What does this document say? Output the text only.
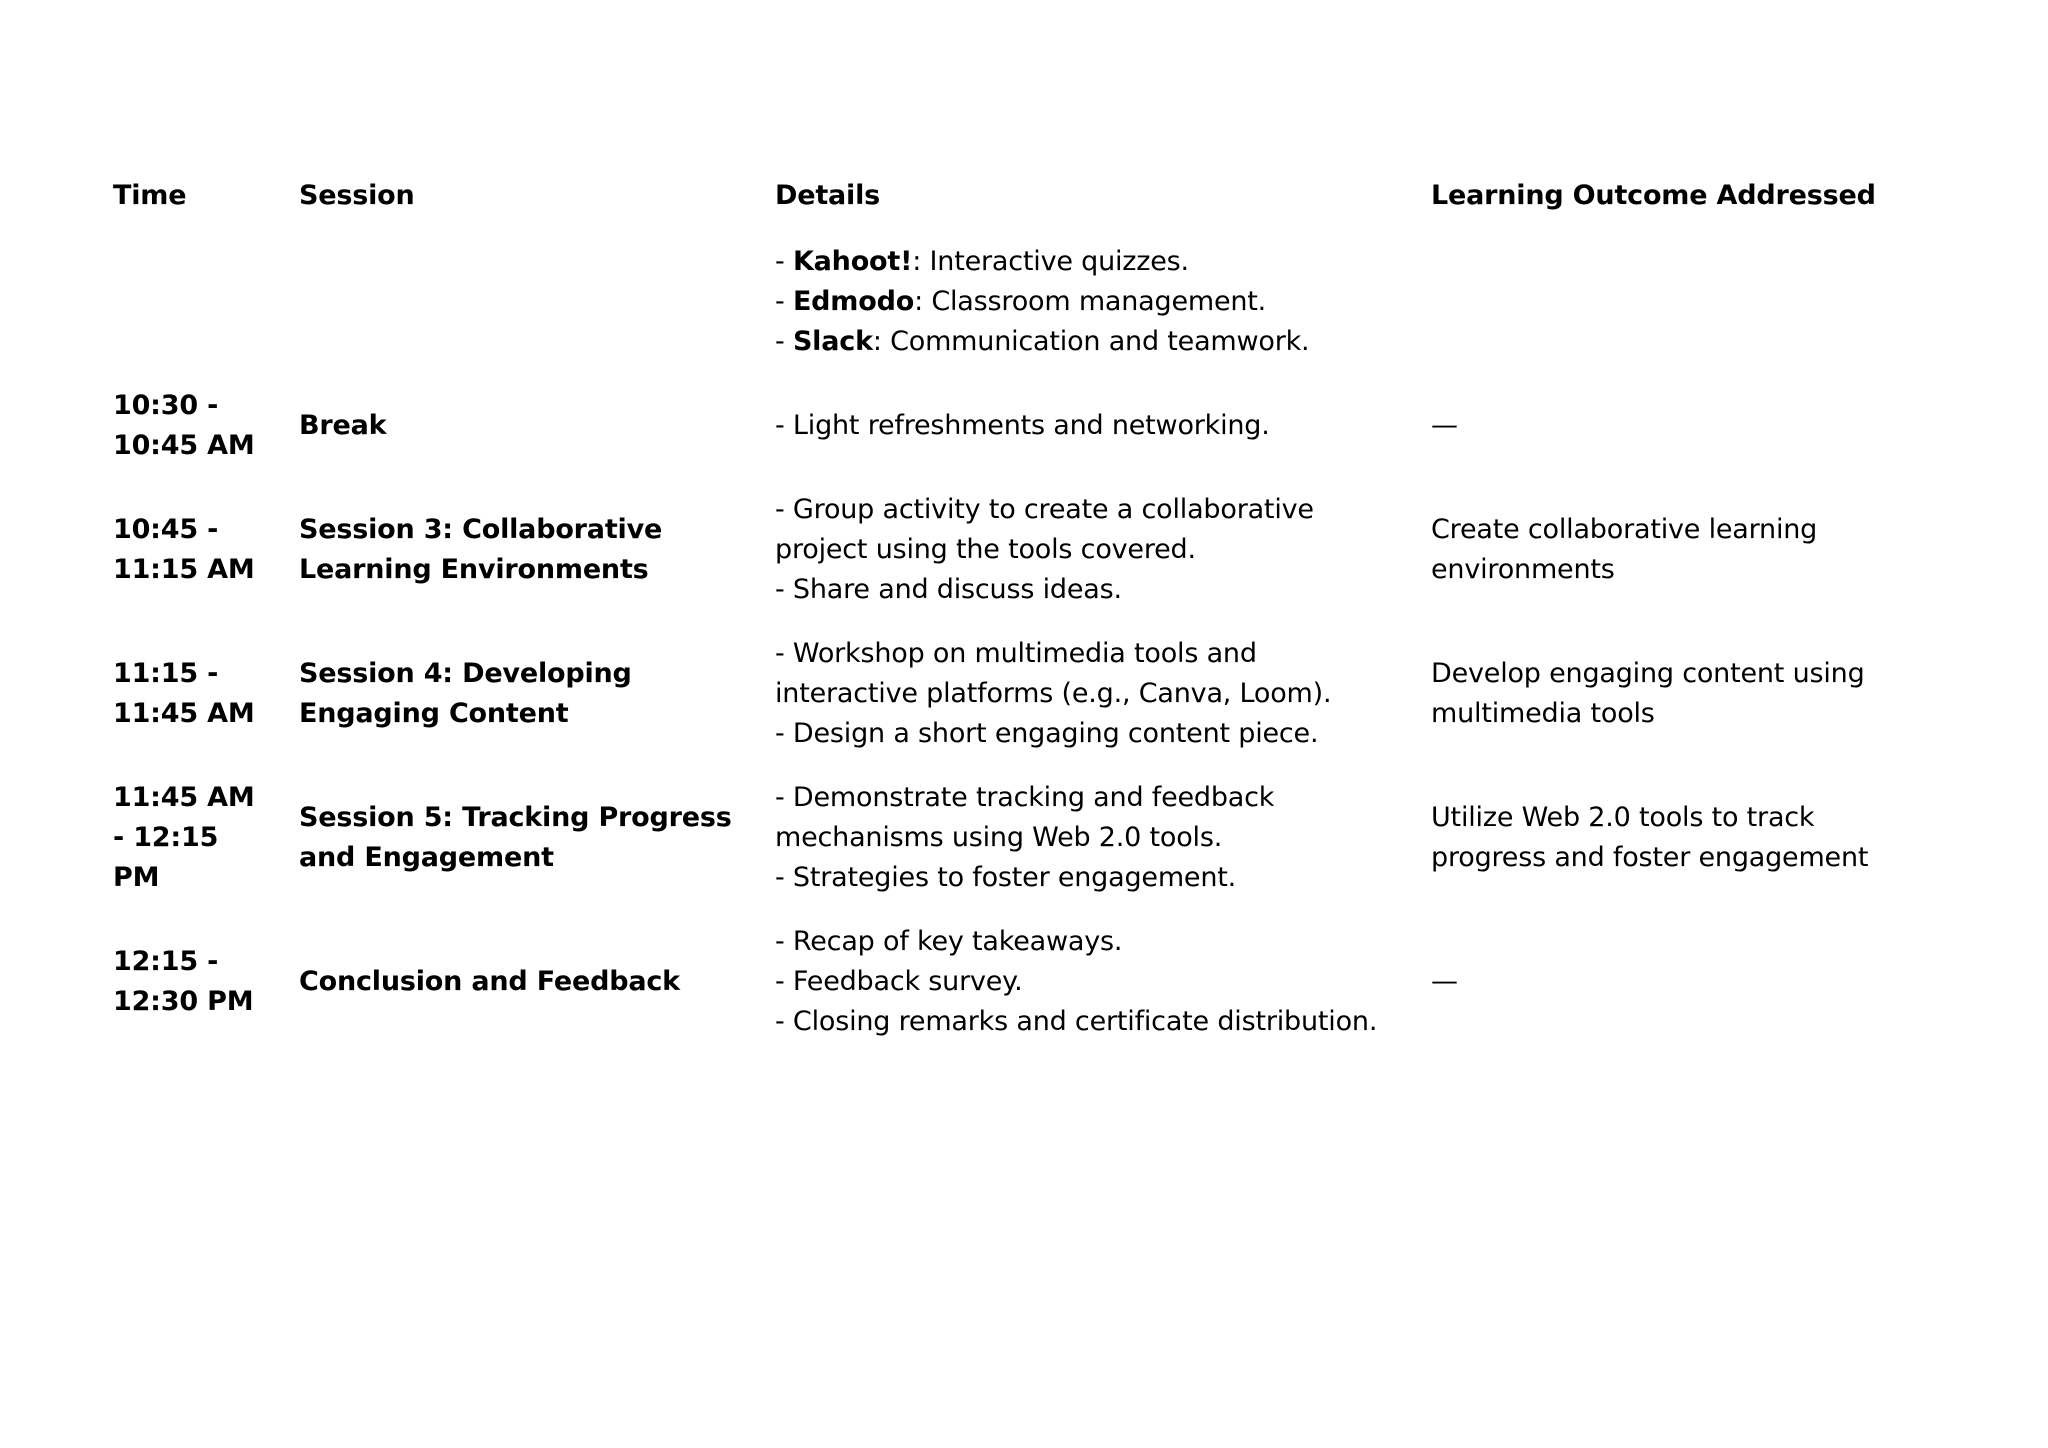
Time	Session	Details	Learning Outcome Addressed

		- Kahoot!: Interactive quizzes.
- Edmodo: Classroom management.
- Slack: Communication and teamwork.	

10:30 - 10:45 AM	Break	- Light refreshments and networking.	—
10:45 - 11:15 AM	Session 3: Collaborative Learning Environments	- Group activity to create a collaborative project using the tools covered.
- Share and discuss ideas.	Create collaborative learning environments
11:15 - 11:45 AM	Session 4: Developing Engaging Content	- Workshop on multimedia tools and interactive platforms (e.g., Canva, Loom).
- Design a short engaging content piece.	Develop engaging content using multimedia tools
11:45 AM - 12:15 PM	Session 5: Tracking Progress and Engagement	- Demonstrate tracking and feedback mechanisms using Web 2.0 tools.
- Strategies to foster engagement.	Utilize Web 2.0 tools to track progress and foster engagement
12:15 - 12:30 PM	Conclusion and Feedback	- Recap of key takeaways.
- Feedback survey.
- Closing remarks and certificate distribution.	—
